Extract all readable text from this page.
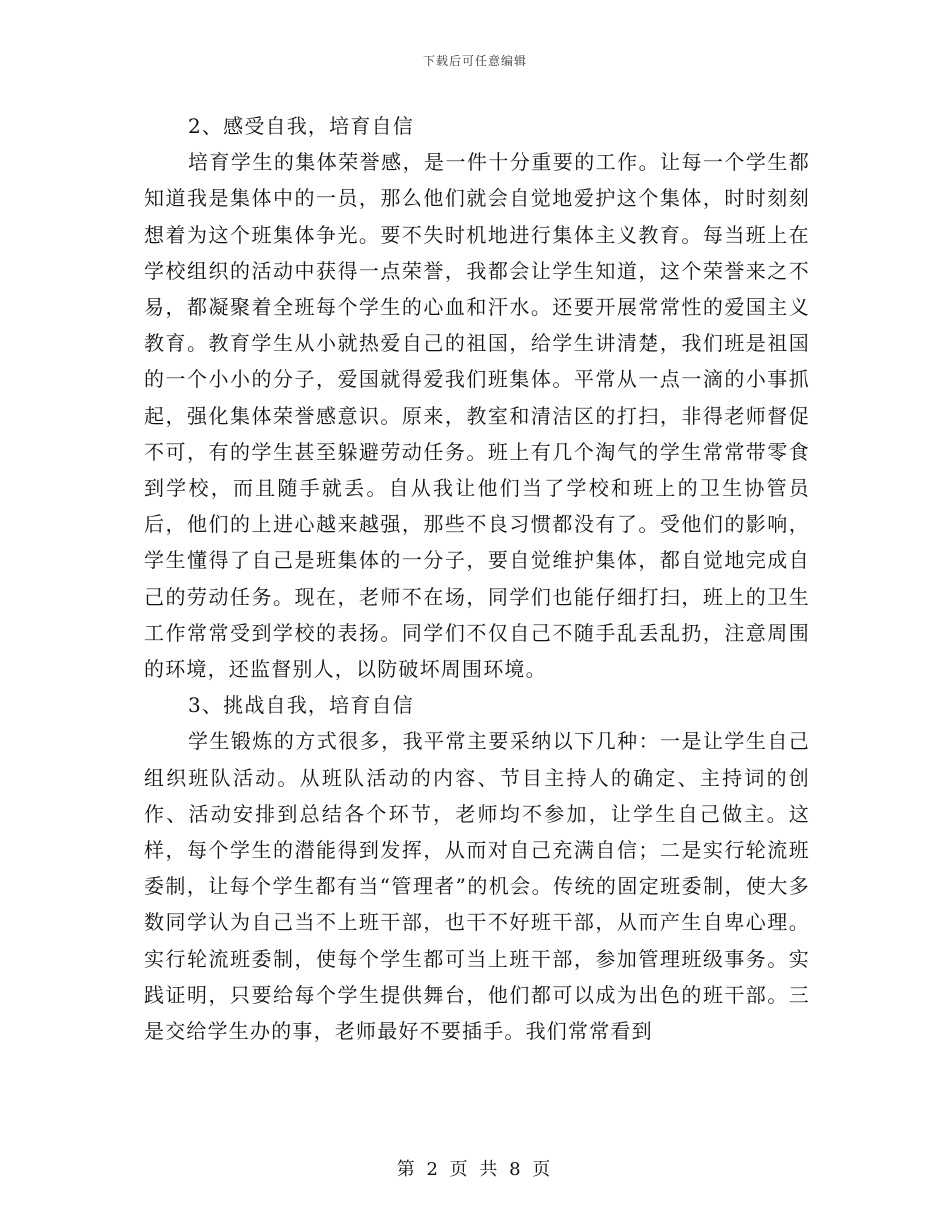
下载后可任意编辑

2、感受自我，培育自信

培育学生的集体荣誉感，是一件十分重要的工作。让每一个学生都知道我是集体中的一员，那么他们就会自觉地爱护这个集体，时时刻刻想着为这个班集体争光。要不失时机地进行集体主义教育。每当班上在学校组织的活动中获得一点荣誉，我都会让学生知道，这个荣誉来之不易，都凝聚着全班每个学生的心血和汗水。还要开展常常性的爱国主义教育。教育学生从小就热爱自己的祖国，给学生讲清楚，我们班是祖国的一个小小的分子，爱国就得爱我们班集体。平常从一点一滴的小事抓起，强化集体荣誉感意识。原来，教室和清洁区的打扫，非得老师督促不可，有的学生甚至躲避劳动任务。班上有几个淘气的学生常常带零食到学校，而且随手就丢。自从我让他们当了学校和班上的卫生协管员后，他们的上进心越来越强，那些不良习惯都没有了。受他们的影响，学生懂得了自己是班集体的一分子，要自觉维护集体，都自觉地完成自己的劳动任务。现在，老师不在场，同学们也能仔细打扫，班上的卫生工作常常受到学校的表扬。同学们不仅自己不随手乱丢乱扔，注意周围的环境，还监督别人，以防破坏周围环境。

3、挑战自我，培育自信

学生锻炼的方式很多，我平常主要采纳以下几种：一是让学生自己组织班队活动。从班队活动的内容、节目主持人的确定、主持词的创作、活动安排到总结各个环节，老师均不参加，让学生自己做主。这样，每个学生的潜能得到发挥，从而对自己充满自信；二是实行轮流班委制，让每个学生都有当“管理者”的机会。传统的固定班委制，使大多数同学认为自己当不上班干部，也干不好班干部，从而产生自卑心理。实行轮流班委制，使每个学生都可当上班干部，参加管理班级事务。实践证明，只要给每个学生提供舞台，他们都可以成为出色的班干部。三是交给学生办的事，老师最好不要插手。我们常常看到

第 2 页 共 8 页
